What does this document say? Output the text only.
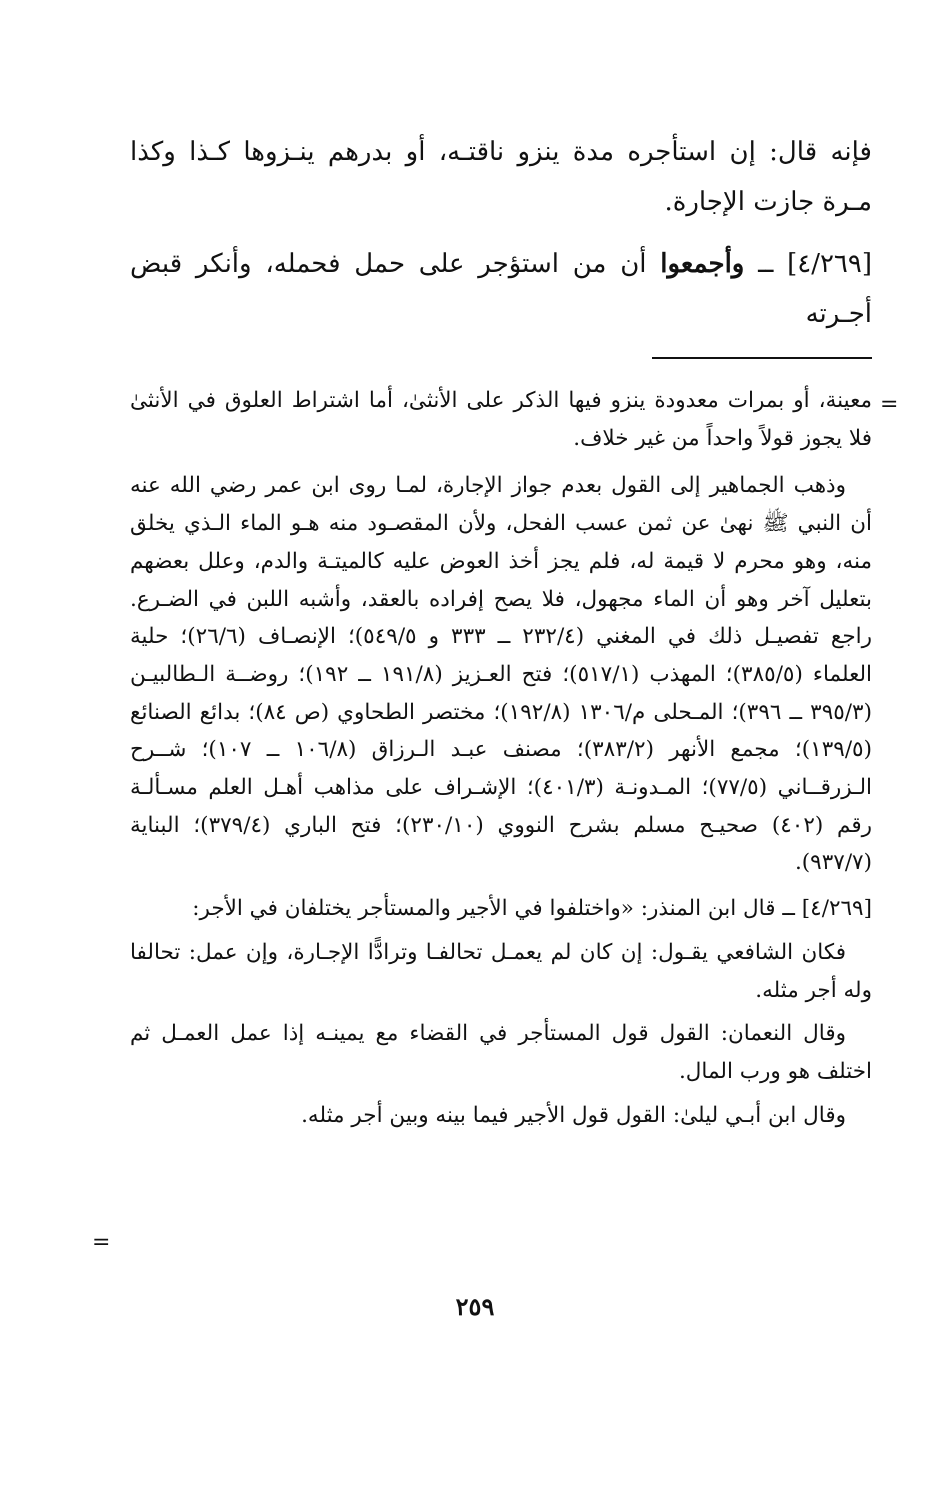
فإنه قال: إن استأجره مدة ينزو ناقتـه، أو بدرهم ينـزوها كـذا وكذا مـرة جازت الإجارة.

[٤/٢٦٩] ــ وأجمعوا أن من استؤجر على حمل فحمله، وأنكر قبض أجـرته

=

معينة، أو بمرات معدودة ينزو فيها الذكر على الأنثىٰ، أما اشتراط العلوق في الأنثىٰ فلا يجوز قولاً واحداً من غير خلاف.

وذهب الجماهير إلى القول بعدم جواز الإجارة، لمـا روى ابن عمر رضي الله عنه أن النبي ﷺ نهىٰ عن ثمن عسب الفحل، ولأن المقصـود منه هـو الماء الـذي يخلق منه، وهو محرم لا قيمة له، فلم يجز أخذ العوض عليه كالميتـة والدم، وعلل بعضهم بتعليل آخر وهو أن الماء مجهول، فلا يصح إفراده بالعقد، وأشبه اللبن في الضـرع. راجع تفصيـل ذلك في المغني (٢٣٢/٤ ــ ٣٣٣ و ٥٤٩/٥)؛ الإنصـاف (٢٦/٦)؛ حلية العلماء (٣٨٥/٥)؛ المهذب (٥١٧/١)؛ فتح العـزيز (١٩١/٨ ــ ١٩٢)؛ روضــة الـطالبيـن (٣٩٥/٣ ــ ٣٩٦)؛ المـحلى م/١٣٠٦ (١٩٢/٨)؛ مختصر الطحاوي (ص ٨٤)؛ بدائع الصنائع (١٣٩/٥)؛ مجمع الأنهر (٣٨٣/٢)؛ مصنف عبـد الـرزاق (١٠٦/٨ ــ ١٠٧)؛ شــرح الـزرقــاني (٧٧/٥)؛ المـدونـة (٤٠١/٣)؛ الإشـراف على مذاهب أهـل العلم مسـألـة رقم (٤٠٢) صحيـح مسلم بشرح النووي (٢٣٠/١٠)؛ فتح الباري (٣٧٩/٤)؛ البناية (٩٣٧/٧).

[٤/٢٦٩] ــ قال ابن المنذر: «واختلفوا في الأجير والمستأجر يختلفان في الأجر:

فكان الشافعي يقـول: إن كان لم يعمـل تحالفـا وترادًّا الإجـارة، وإن عمل: تحالفا وله أجر مثله.

وقال النعمان: القول قول المستأجر في القضاء مع يمينـه إذا عمل العمـل ثم اختلف هو ورب المال.

وقال ابن أبـي ليلىٰ: القول قول الأجير فيما بينه وبين أجر مثله.

=
٢٥٩
